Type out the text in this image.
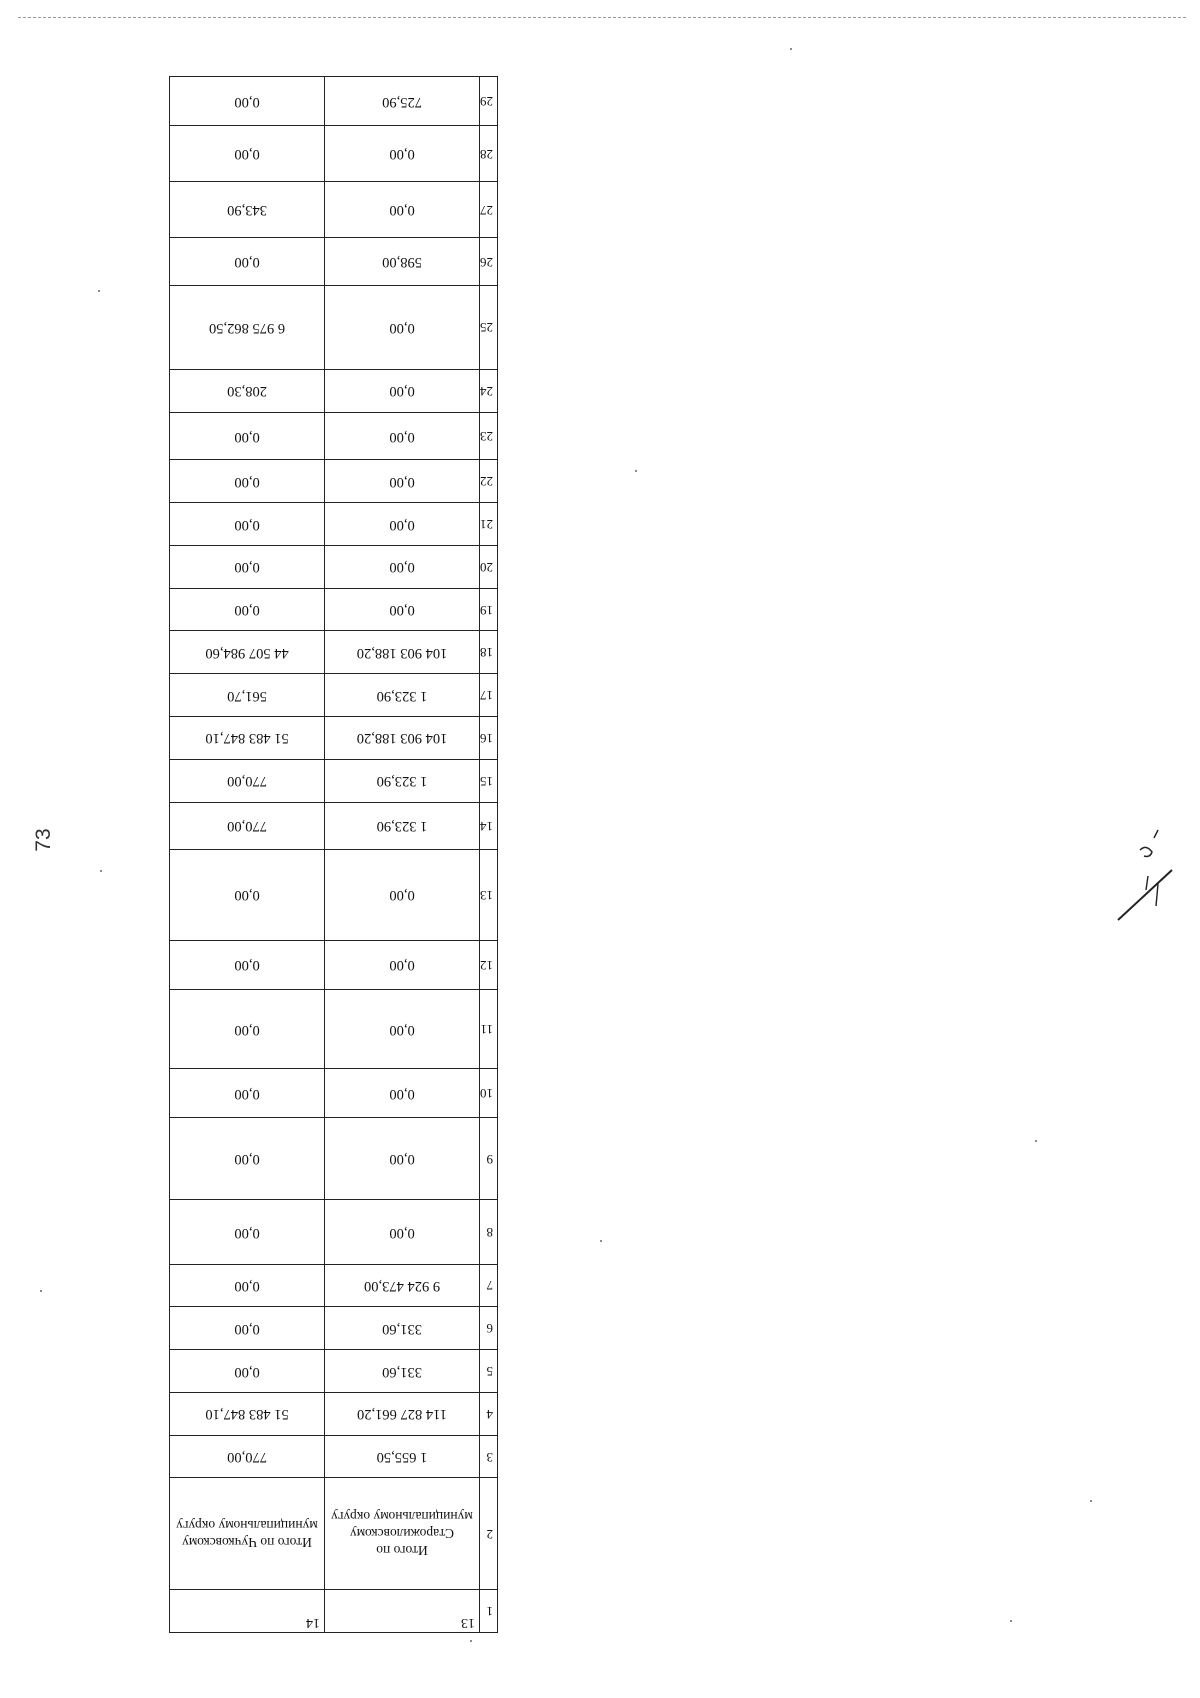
73
1	13	14
2	Итого по Старожиловскому муниципальному округу	Итого по Чучковскому муниципальному округу
3	1 655,50	770,00
4	114 827 661,20	51 483 847,10
5	331,60	0,00
6	331,60	0,00
7	9 924 473,00	0,00
8	0,00	0,00
9	0,00	0,00
10	0,00	0,00
11	0,00	0,00
12	0,00	0,00
13	0,00	0,00
14	1 323,90	770,00
15	1 323,90	770,00
16	104 903 188,20	51 483 847,10
17	1 323,90	561,70
18	104 903 188,20	44 507 984,60
19	0,00	0,00
20	0,00	0,00
21	0,00	0,00
22	0,00	0,00
23	0,00	0,00
24	0,00	208,30
25	0,00	6 975 862,50
26	598,00	0,00
27	0,00	343,90
28	0,00	0,00
29	725,90	0,00
